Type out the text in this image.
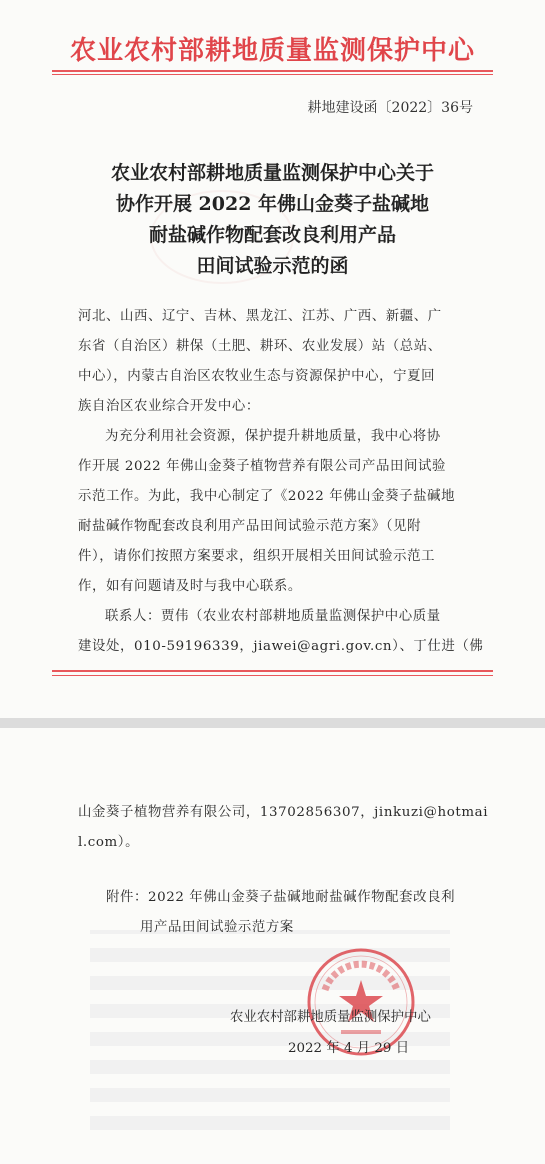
农业农村部耕地质量监测保护中心
耕地建设函〔2022〕36号
农业农村部耕地质量监测保护中心关于
协作开展 2022 年佛山金葵子盐碱地
耐盐碱作物配套改良利用产品
田间试验示范的函
河北、山西、辽宁、吉林、黑龙江、江苏、广西、新疆、广
东省（自治区）耕保（土肥、耕环、农业发展）站（总站、
中心），内蒙古自治区农牧业生态与资源保护中心，宁夏回
族自治区农业综合开发中心：
为充分利用社会资源，保护提升耕地质量，我中心将协
作开展 2022 年佛山金葵子植物营养有限公司产品田间试验
示范工作。为此，我中心制定了《2022 年佛山金葵子盐碱地
耐盐碱作物配套改良利用产品田间试验示范方案》（见附
件），请你们按照方案要求，组织开展相关田间试验示范工
作，如有问题请及时与我中心联系。
联系人：贾伟（农业农村部耕地质量监测保护中心质量
建设处，010-59196339，jiawei@agri.gov.cn）、丁仕进（佛
山金葵子植物营养有限公司，13702856307，jinkuzi@hotmai
l.com）。
附件：2022 年佛山金葵子盐碱地耐盐碱作物配套改良利
用产品田间试验示范方案
农业农村部耕地质量监测保护中心
2022 年 4 月 29 日
